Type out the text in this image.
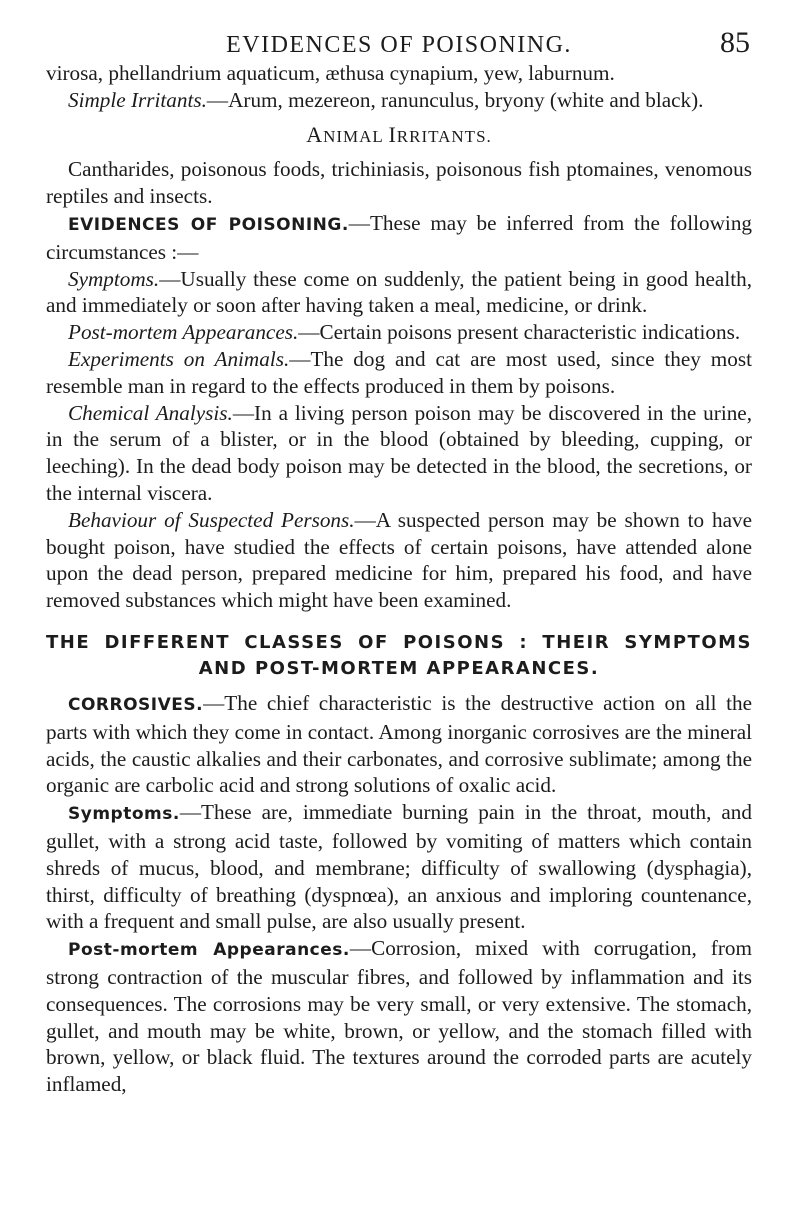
EVIDENCES OF POISONING.	85

virosa, phellandrium aquaticum, æthusa cynapium, yew, laburnum.

Simple Irritants.—Arum, mezereon, ranunculus, bryony (white and black).

ANIMAL IRRITANTS.

Cantharides, poisonous foods, trichiniasis, poisonous fish ptomaines, venomous reptiles and insects.

EVIDENCES OF POISONING.—These may be inferred from the following circumstances :—

Symptoms.—Usually these come on suddenly, the patient being in good health, and immediately or soon after having taken a meal, medicine, or drink.

Post-mortem Appearances.—Certain poisons present characteristic indications.

Experiments on Animals.—The dog and cat are most used, since they most resemble man in regard to the effects produced in them by poisons.

Chemical Analysis.—In a living person poison may be discovered in the urine, in the serum of a blister, or in the blood (obtained by bleeding, cupping, or leeching). In the dead body poison may be detected in the blood, the secretions, or the internal viscera.

Behaviour of Suspected Persons.—A suspected person may be shown to have bought poison, have studied the effects of certain poisons, have attended alone upon the dead person, prepared medicine for him, prepared his food, and have removed substances which might have been examined.

THE DIFFERENT CLASSES OF POISONS : THEIR SYMPTOMS AND POST-MORTEM APPEARANCES.

CORROSIVES.—The chief characteristic is the destructive action on all the parts with which they come in contact. Among inorganic corrosives are the mineral acids, the caustic alkalies and their carbonates, and corrosive sublimate; among the organic are carbolic acid and strong solutions of oxalic acid.

Symptoms.—These are, immediate burning pain in the throat, mouth, and gullet, with a strong acid taste, followed by vomiting of matters which contain shreds of mucus, blood, and membrane; difficulty of swallowing (dysphagia), thirst, difficulty of breathing (dyspnœa), an anxious and imploring countenance, with a frequent and small pulse, are also usually present.

Post-mortem Appearances.—Corrosion, mixed with corrugation, from strong contraction of the muscular fibres, and followed by inflammation and its consequences. The corrosions may be very small, or very extensive. The stomach, gullet, and mouth may be white, brown, or yellow, and the stomach filled with brown, yellow, or black fluid. The textures around the corroded parts are acutely inflamed,
